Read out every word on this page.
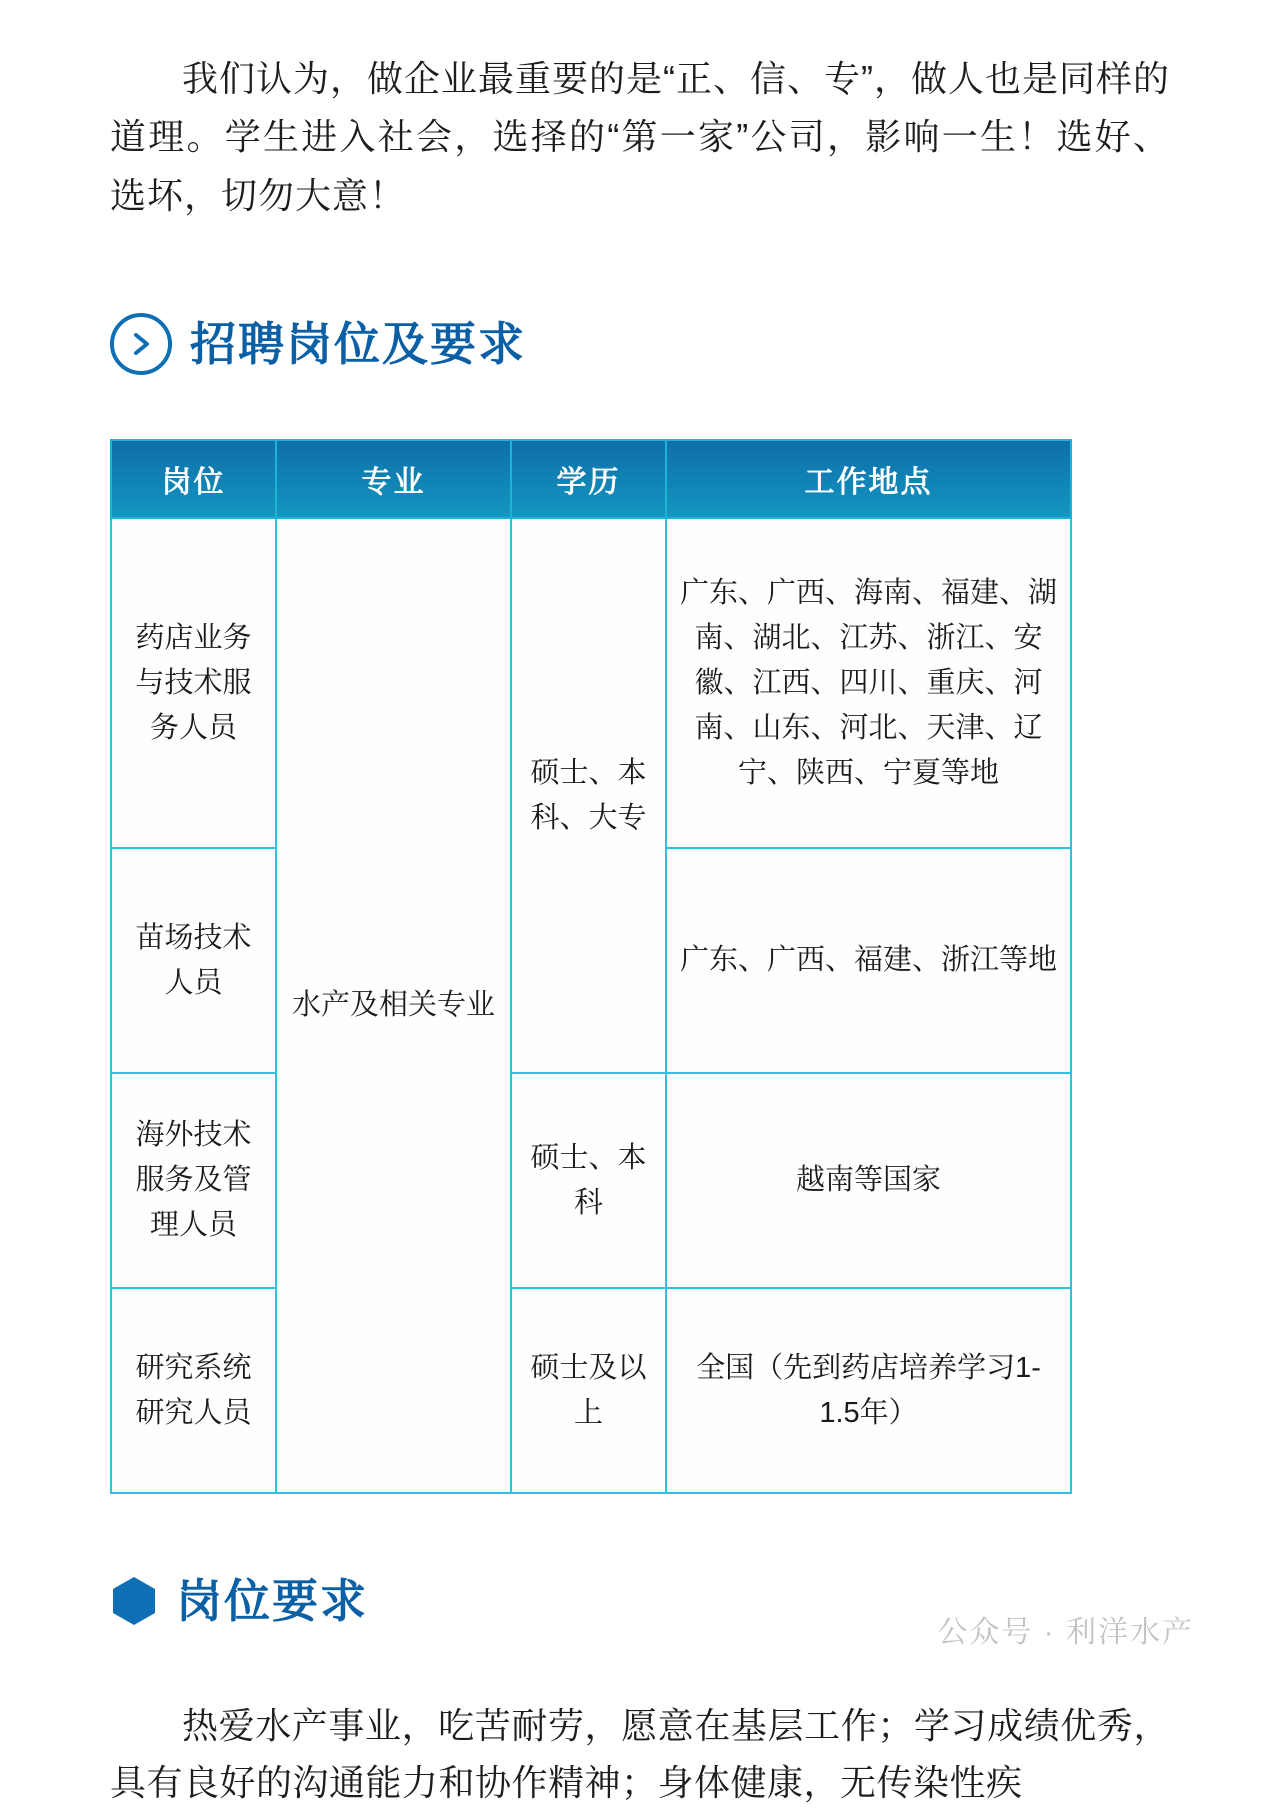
我们认为，做企业最重要的是“正、信、专”，做人也是同样的道理。学生进入社会，选择的“第一家”公司，影响一生！选好、选坏，切勿大意！

招聘岗位及要求
岗位	专业	学历	工作地点
药店业务与技术服务人员	水产及相关专业	硕士、本科、大专	广东、广西、海南、福建、湖南、湖北、江苏、浙江、安徽、江西、四川、重庆、河南、山东、河北、天津、辽宁、陕西、宁夏等地
苗场技术人员			广东、广西、福建、浙江等地
海外技术服务及管理人员		硕士、本科	越南等国家
研究系统研究人员		硕士及以上	全国（先到药店培养学习1-1.5年）
岗位要求

热爱水产事业，吃苦耐劳，愿意在基层工作；学习成绩优秀，具有良好的沟通能力和协作精神；身体健康，无传染性疾

公众号 · 利洋水产
